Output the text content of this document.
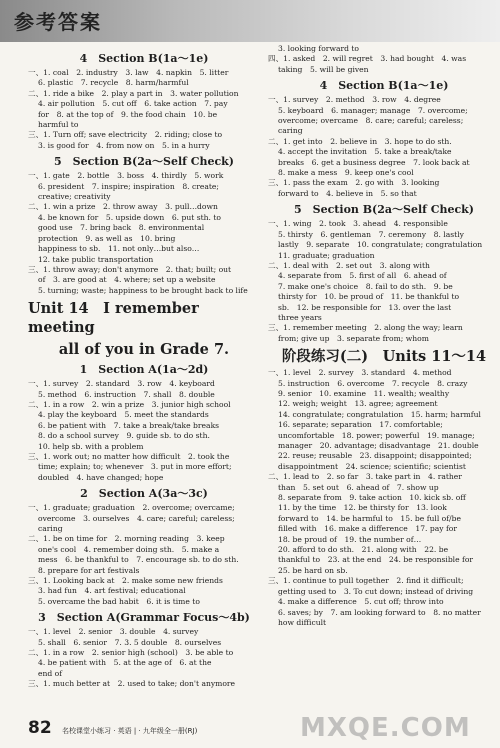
参考答案
4　Section B(1a～1e)
一、1. coal　2. industry　3. law　4. napkin　5. litter
6. plastic　7. recycle　8. harm/harmful
二、1. ride a bike　2. play a part in　3. water pollution
4. air pollution　5. cut off　6. take action　7. pay
for　8. at the top of　9. the food chain　10. be
harmful to
三、1. Turn off; save electricity　2. riding; close to
3. is good for　4. from now on　5. in a hurry
5　Section B(2a～Self Check)
一、1. gate　2. bottle　3. boss　4. thirdly　5. work
6. president　7. inspire; inspiration　8. create;
creative; creativity
二、1. win a prize　2. throw away　3. pull…down
4. be known for　5. upside down　6. put sth. to
good use　7. bring back　8. environmental
protection　9. as well as　10. bring
happiness to sb.　11. not only…but also…
12. take public transportation
三、1. throw away; don't anymore　2. that; built; out
of　3. are good at　4. where; set up a website
5. turning; waste; happiness to be brought back to life
Unit 14　I remember meeting
all of you in Grade 7.
1　Section A(1a～2d)
一、1. survey　2. standard　3. row　4. keyboard
5. method　6. instruction　7. shall　8. double
二、1. in a row　2. win a prize　3. junior high school
4. play the keyboard　5. meet the standards
6. be patient with　7. take a break/take breaks
8. do a school survey　9. guide sb. to do sth.
10. help sb. with a problem
三、1. work out; no matter how difficult　2. took the
time; explain; to; whenever　3. put in more effort;
doubled　4. have changed; hope
2　Section A(3a～3c)
一、1. graduate; graduation　2. overcome; overcame;
overcome　3. ourselves　4. care; careful; careless;
caring
二、1. be on time for　2. morning reading　3. keep
one's cool　4. remember doing sth.　5. make a
mess　6. be thankful to　7. encourage sb. to do sth.
8. prepare for art festivals
三、1. Looking back at　2. make some new friends
3. had fun　4. art festival; educational
5. overcame the bad habit　6. it is time to
3　Section A(Grammar Focus～4b)
一、1. level　2. senior　3. double　4. survey
5. shall　6. senior　7. 3. 5 double　8. ourselves
二、1. in a row　2. senior high (school)　3. be able to
4. be patient with　5. at the age of　6. at the
end of
三、1. much better at　2. used to take; don't anymore
3. looking forward to
四、1. asked　2. will regret　3. had bought　4. was
taking　5. will be given
4　Section B(1a～1e)
一、1. survey　2. method　3. row　4. degree
5. keyboard　6. manager; manage　7. overcome;
overcome; overcame　8. care; careful; careless;
caring
二、1. get into　2. believe in　3. hope to do sth.
4. accept the invitation　5. take a break/take
breaks　6. get a business degree　7. look back at
8. make a mess　9. keep one's cool
三、1. pass the exam　2. go with　3. looking
forward to　4. believe in　5. so that
5　Section B(2a～Self Check)
一、1. wing　2. took　3. ahead　4. responsible
5. thirsty　6. gentleman　7. ceremony　8. lastly
lastly　9. separate　10. congratulate; congratulation
11. graduate; graduation
二、1. deal with　2. set out　3. along with
4. separate from　5. first of all　6. ahead of
7. make one's choice　8. fail to do sth.　9. be
thirsty for　10. be proud of　11. be thankful to
sb.　12. be responsible for　13. over the last
three years
三、1. remember meeting　2. along the way; learn
from; give up　3. separate from; whom
阶段练习(二)　Units 11～14
一、1. level　2. survey　3. standard　4. method
5. instruction　6. overcome　7. recycle　8. crazy
9. senior　10. examine　11. wealth; wealthy
12. weigh; weight　13. agree; agreement
14. congratulate; congratulation　15. harm; harmful
16. separate; separation　17. comfortable;
uncomfortable　18. power; powerful　19. manage;
manager　20. advantage; disadvantage　21. double
22. reuse; reusable　23. disappoint; disappointed;
disappointment　24. science; scientific; scientist
二、1. lead to　2. so far　3. take part in　4. rather
than　5. set out　6. ahead of　7. show up
8. separate from　9. take action　10. kick sb. off
11. by the time　12. be thirsty for　13. look
forward to　14. be harmful to　15. be full of/be
filled with　16. make a difference　17. pay for
18. be proud of　19. the number of…
20. afford to do sth.　21. along with　22. be
thankful to　23. at the end　24. be responsible for
25. be hard on sb.
三、1. continue to pull together　2. find it difficult;
getting used to　3. To cut down; instead of driving
4. make a difference　5. cut off; throw into
6. saves; by　7. am looking forward to　8. no matter
how difficult
82 名校课堂小练习 · 英语 | · 九年级全一册(RJ)	MXQE.COM
